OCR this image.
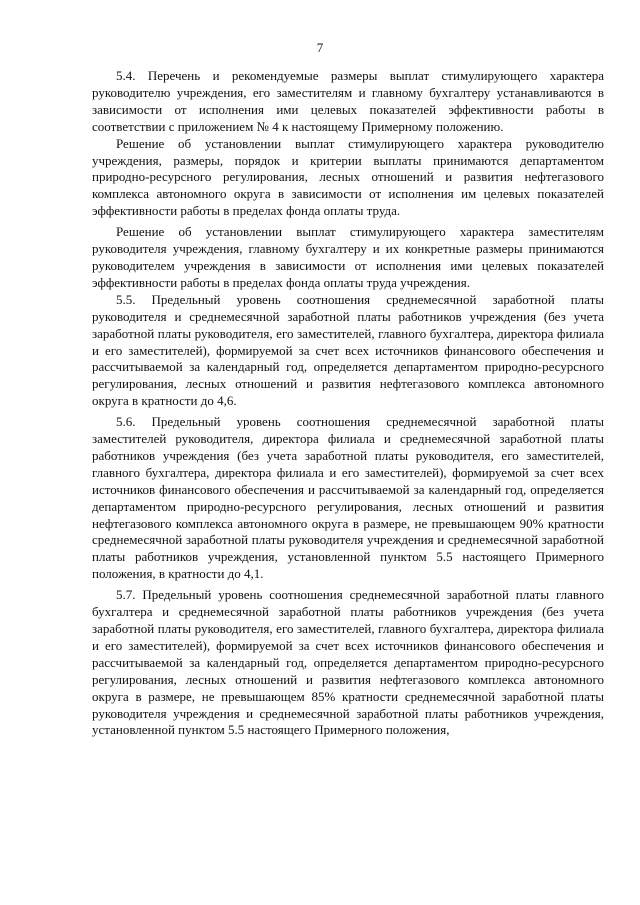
7

5.4. Перечень и рекомендуемые размеры выплат стимулирующего характера руководителю учреждения, его заместителям и главному бухгалтеру устанавливаются в зависимости от исполнения ими целевых показателей эффективности работы в соответствии с приложением № 4 к настоящему Примерному положению.

Решение об установлении выплат стимулирующего характера руководителю учреждения, размеры, порядок и критерии выплаты принимаются департаментом природно-ресурсного регулирования, лесных отношений и развития нефтегазового комплекса автономного округа в зависимости от исполнения им целевых показателей эффективности работы в пределах фонда оплаты труда.

Решение об установлении выплат стимулирующего характера заместителям руководителя учреждения, главному бухгалтеру и их конкретные размеры принимаются руководителем учреждения в зависимости от исполнения ими целевых показателей эффективности работы в пределах фонда оплаты труда учреждения.

5.5. Предельный уровень соотношения среднемесячной заработной платы руководителя и среднемесячной заработной платы работников учреждения (без учета заработной платы руководителя, его заместителей, главного бухгалтера, директора филиала и его заместителей), формируемой за счет всех источников финансового обеспечения и рассчитываемой за календарный год, определяется департаментом природно-ресурсного регулирования, лесных отношений и развития нефтегазового комплекса автономного округа в кратности до 4,6.

5.6. Предельный уровень соотношения среднемесячной заработной платы заместителей руководителя, директора филиала и среднемесячной заработной платы работников учреждения (без учета заработной платы руководителя, его заместителей, главного бухгалтера, директора филиала и его заместителей), формируемой за счет всех источников финансового обеспечения и рассчитываемой за календарный год, определяется департаментом природно-ресурсного регулирования, лесных отношений и развития нефтегазового комплекса автономного округа в размере, не превышающем 90% кратности среднемесячной заработной платы руководителя учреждения и среднемесячной заработной платы работников учреждения, установленной пунктом 5.5 настоящего Примерного положения, в кратности до 4,1.

5.7. Предельный уровень соотношения среднемесячной заработной платы главного бухгалтера и среднемесячной заработной платы работников учреждения (без учета заработной платы руководителя, его заместителей, главного бухгалтера, директора филиала и его заместителей), формируемой за счет всех источников финансового обеспечения и рассчитываемой за календарный год, определяется департаментом природно-ресурсного регулирования, лесных отношений и развития нефтегазового комплекса автономного округа в размере, не превышающем 85% кратности среднемесячной заработной платы руководителя учреждения и среднемесячной заработной платы работников учреждения, установленной пунктом 5.5 настоящего Примерного положения,
